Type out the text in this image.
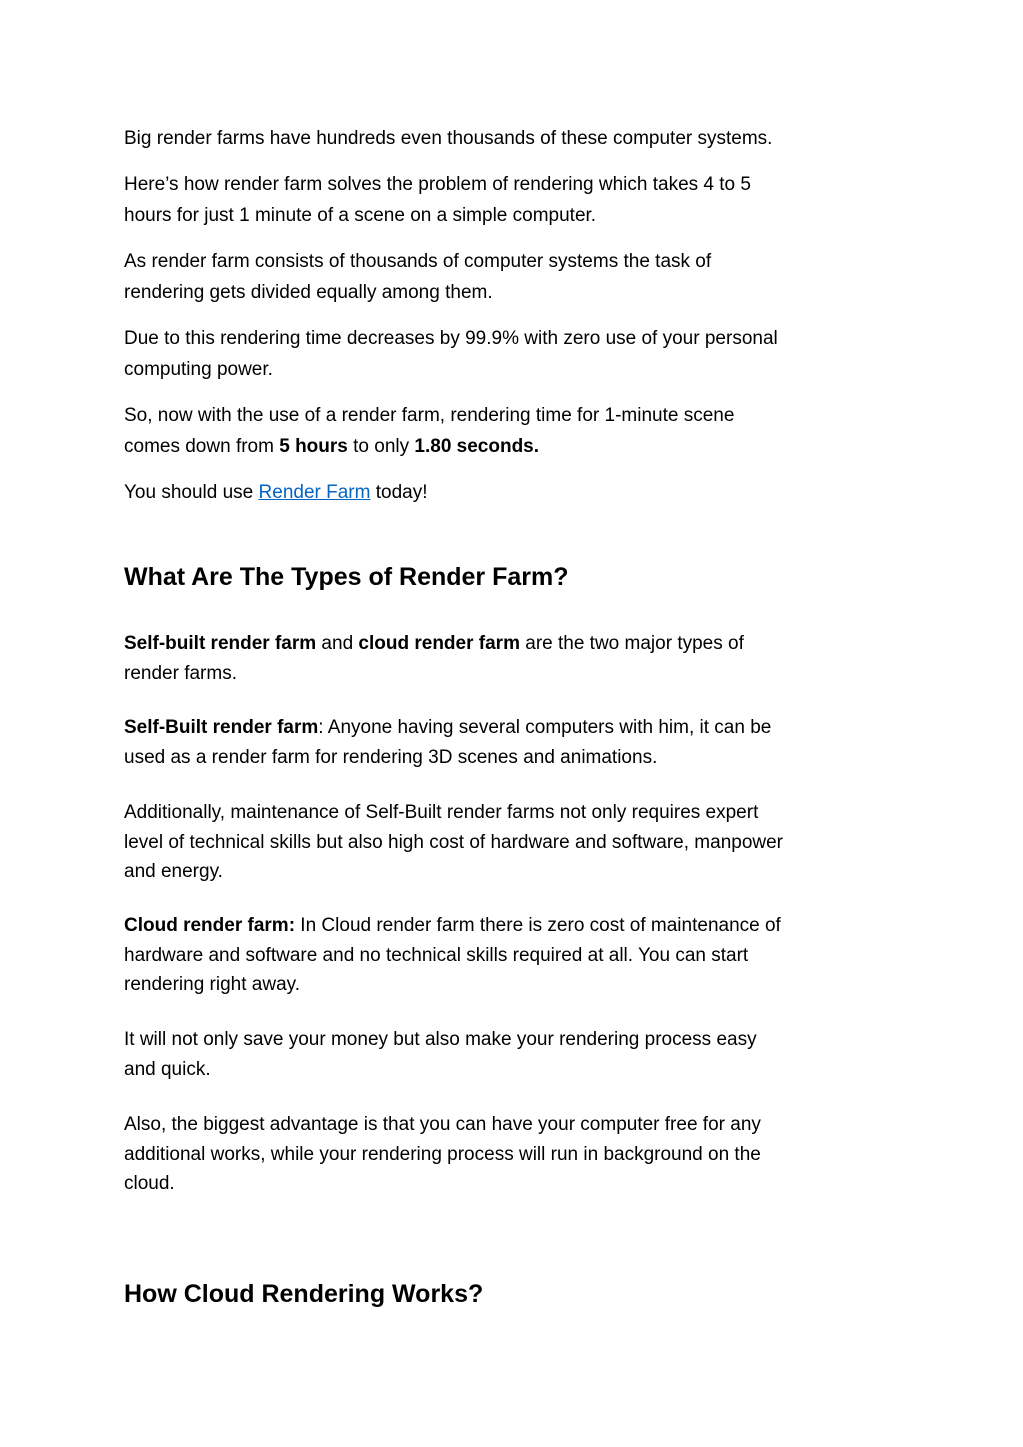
Big render farms have hundreds even thousands of these computer systems.

Here’s how render farm solves the problem of rendering which takes 4 to 5
hours for just 1 minute of a scene on a simple computer.

As render farm consists of thousands of computer systems the task of
rendering gets divided equally among them.

Due to this rendering time decreases by 99.9% with zero use of your personal
computing power.

So, now with the use of a render farm, rendering time for 1-minute scene
comes down from 5 hours to only 1.80 seconds.

You should use Render Farm today!

What Are The Types of Render Farm?

Self-built render farm and cloud render farm are the two major types of
render farms.

Self-Built render farm: Anyone having several computers with him, it can be
used as a render farm for rendering 3D scenes and animations.

Additionally, maintenance of Self-Built render farms not only requires expert
level of technical skills but also high cost of hardware and software, manpower
and energy.

Cloud render farm: In Cloud render farm there is zero cost of maintenance of
hardware and software and no technical skills required at all. You can start
rendering right away.

It will not only save your money but also make your rendering process easy
and quick.

Also, the biggest advantage is that you can have your computer free for any
additional works, while your rendering process will run in background on the
cloud.

How Cloud Rendering Works?
